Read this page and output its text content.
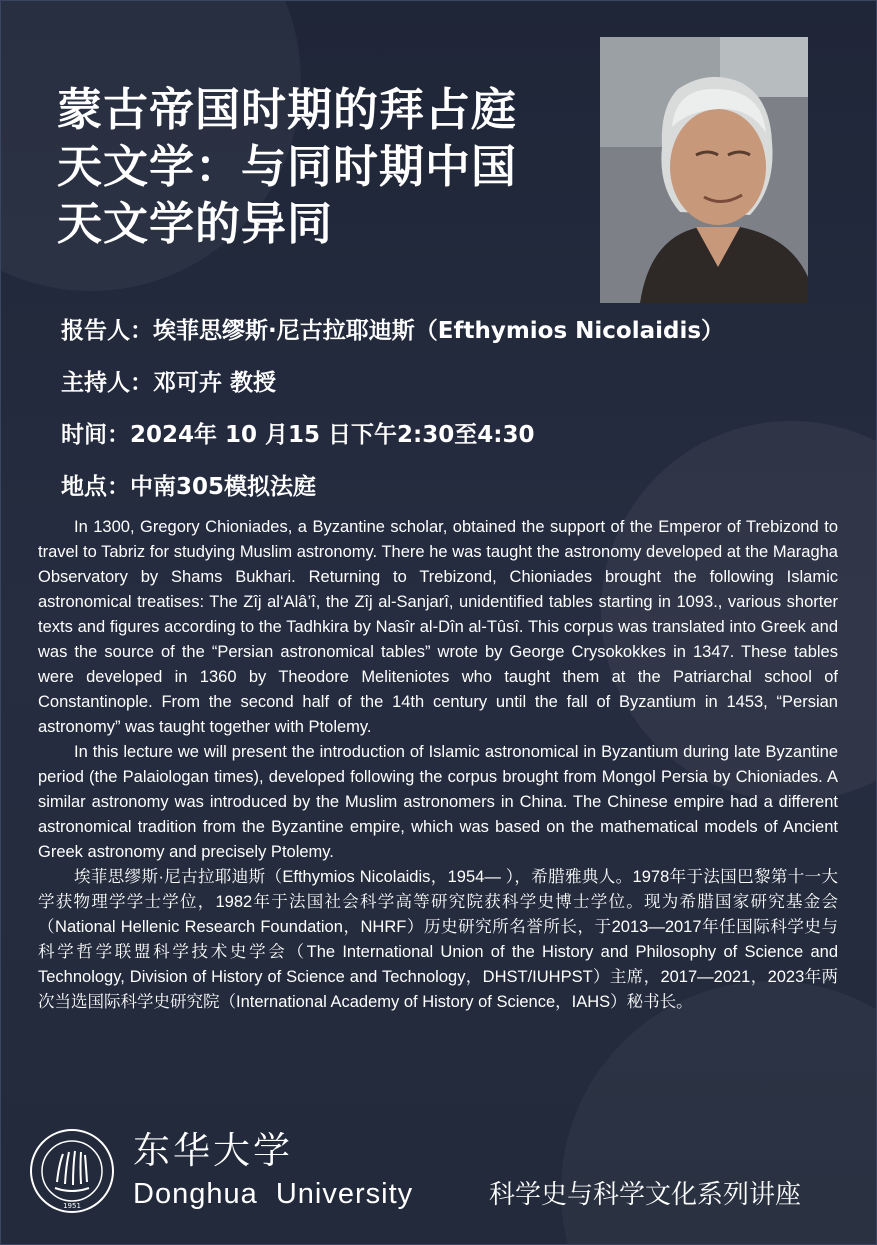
蒙古帝国时期的拜占庭
天文学：与同时期中国
天文学的异同
报告人：埃菲思缪斯·尼古拉耶迪斯（Efthymios Nicolaidis）
主持人：邓可卉 教授
时间：2024年 10 月15 日下午2:30至4:30
地点：中南305模拟法庭

In 1300, Gregory Chioniades, a Byzantine scholar, obtained the support of the Emperor of Trebizond to travel to Tabriz for studying Muslim astronomy. There he was taught the astronomy developed at the Maragha Observatory by Shams Bukhari. Returning to Trebizond, Chioniades brought the following Islamic astronomical treatises: The Zîj al‘Alâ’î, the Zîj al-Sanjarî, unidentified tables starting in 1093., various shorter texts and figures according to the Tadhkira by Nasîr al-Dîn al-Tûsî. This corpus was translated into Greek and was the source of the “Persian astronomical tables” wrote by George Crysokokkes in 1347. These tables were developed in 1360 by Theodore Meliteniotes who taught them at the Patriarchal school of Constantinople. From the second half of the 14th century until the fall of Byzantium in 1453, “Persian astronomy” was taught together with Ptolemy.

In this lecture we will present the introduction of Islamic astronomical in Byzantium during late Byzantine period (the Palaiologan times), developed following the corpus brought from Mongol Persia by Chioniades. A similar astronomy was introduced by the Muslim astronomers in China. The Chinese empire had a different astronomical tradition from the Byzantine empire, which was based on the mathematical models of Ancient Greek astronomy and precisely Ptolemy.

埃菲思缪斯·尼古拉耶迪斯（Efthymios Nicolaidis，1954— ），希腊雅典人。1978年于法国巴黎第十一大学获物理学学士学位，1982年于法国社会科学高等研究院获科学史博士学位。现为希腊国家研究基金会（National Hellenic Research Foundation，NHRF）历史研究所名誉所长，于2013—2017年任国际科学史与科学哲学联盟科学技术史学会（The International Union of the History and Philosophy of Science and Technology, Division of History of Science and Technology，DHST/IUHPST）主席，2017—2021，2023年两次当选国际科学史研究院（International Academy of History of Science，IAHS）秘书长。

1951
东华大学
Donghua  University	科学史与科学文化系列讲座
